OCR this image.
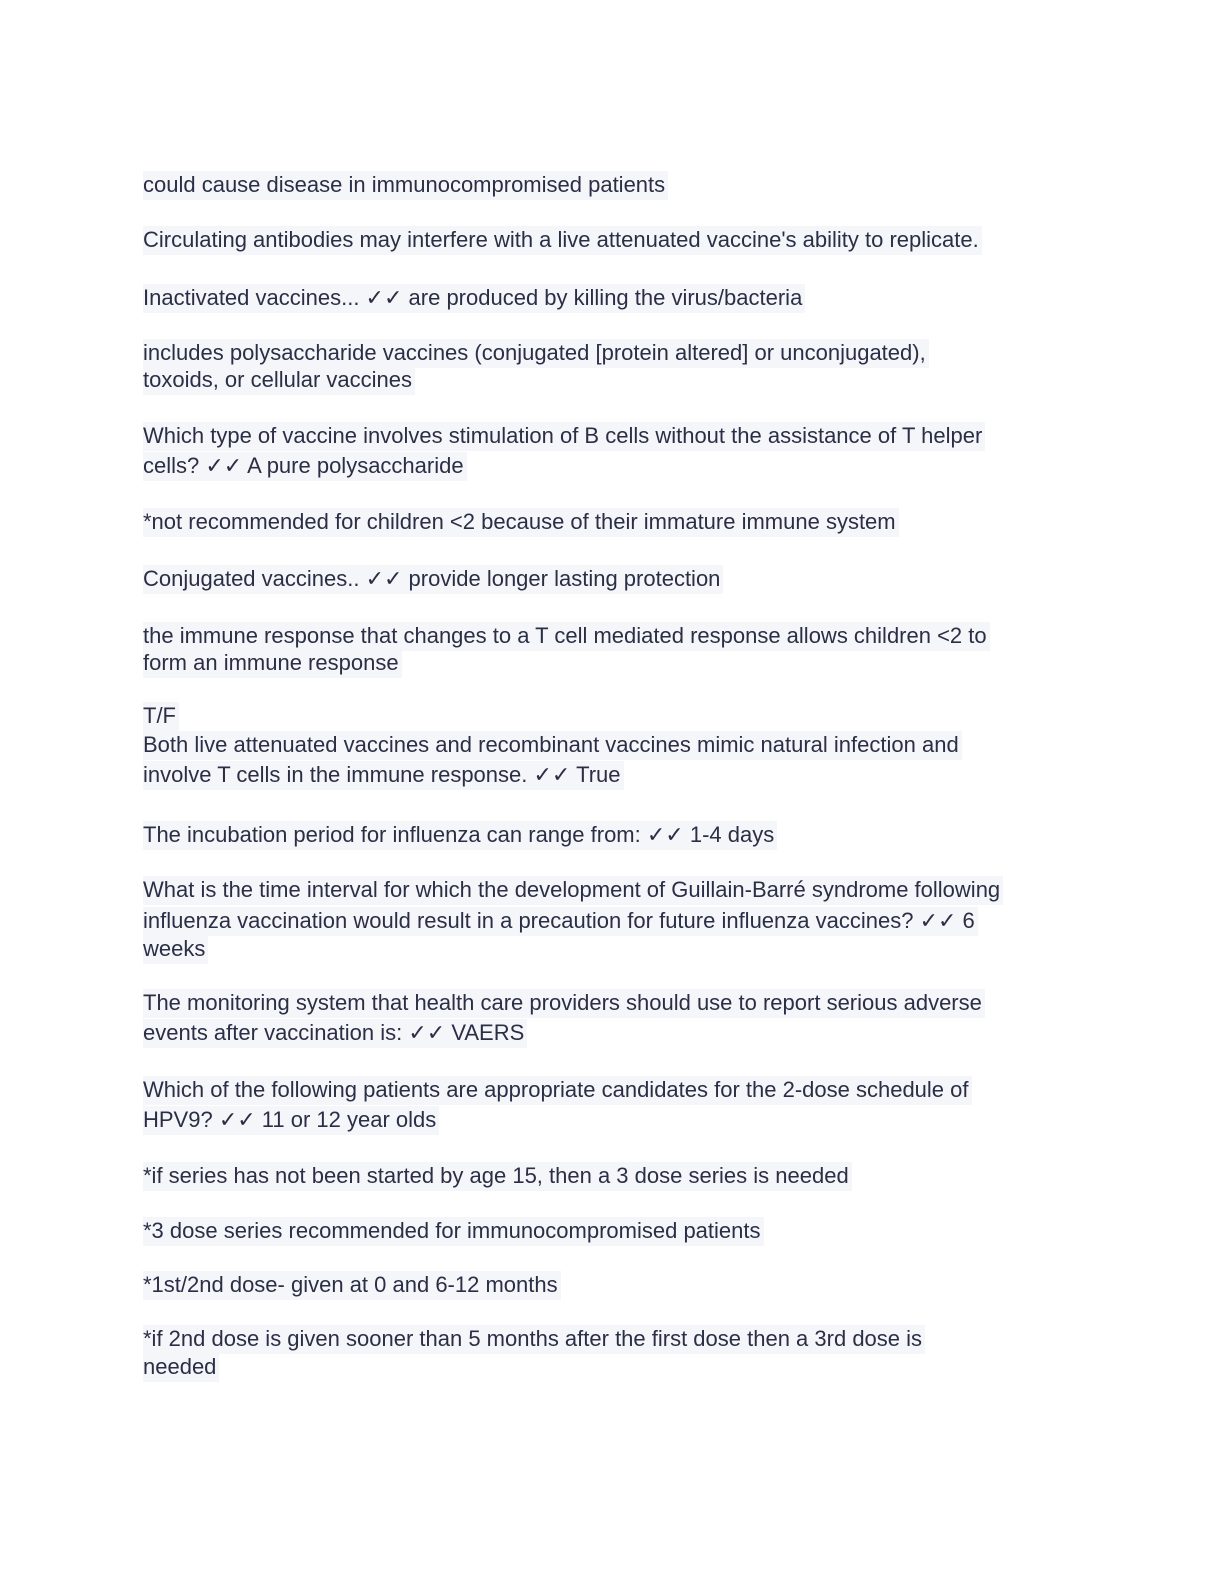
could cause disease in immunocompromised patients
Circulating antibodies may interfere with a live attenuated vaccine's ability to replicate.
Inactivated vaccines... ✓✓ are produced by killing the virus/bacteria
includes polysaccharide vaccines (conjugated [protein altered] or unconjugated),
toxoids, or cellular vaccines
Which type of vaccine involves stimulation of B cells without the assistance of T helper
cells? ✓✓ A pure polysaccharide
*not recommended for children <2 because of their immature immune system
Conjugated vaccines.. ✓✓ provide longer lasting protection
the immune response that changes to a T cell mediated response allows children <2 to
form an immune response
T/F
Both live attenuated vaccines and recombinant vaccines mimic natural infection and
involve T cells in the immune response. ✓✓ True
The incubation period for influenza can range from: ✓✓ 1-4 days
What is the time interval for which the development of Guillain-Barré syndrome following
influenza vaccination would result in a precaution for future influenza vaccines? ✓✓ 6
weeks
The monitoring system that health care providers should use to report serious adverse
events after vaccination is: ✓✓ VAERS
Which of the following patients are appropriate candidates for the 2-dose schedule of
HPV9? ✓✓ 11 or 12 year olds
*if series has not been started by age 15, then a 3 dose series is needed
*3 dose series recommended for immunocompromised patients
*1st/2nd dose- given at 0 and 6-12 months
*if 2nd dose is given sooner than 5 months after the first dose then a 3rd dose is
needed
